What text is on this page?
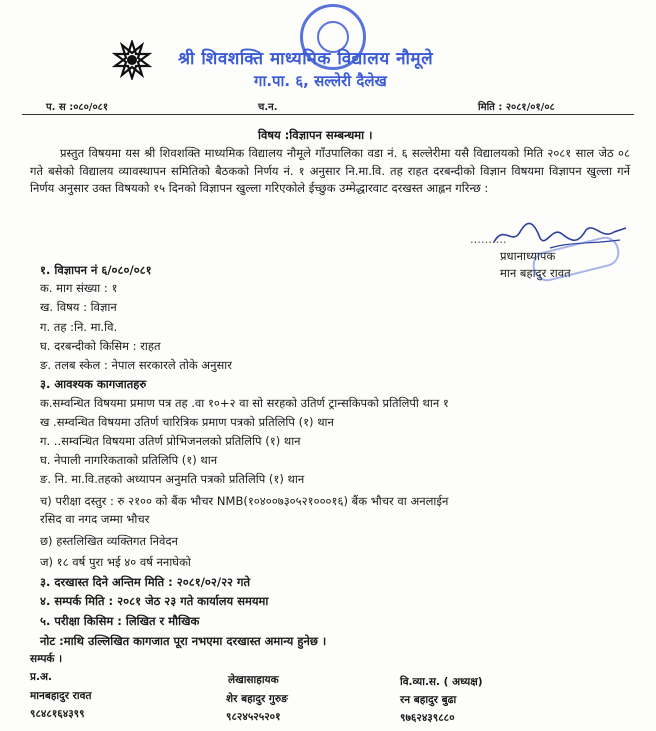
श्री शिवशक्ति माध्यमिक विद्यालय नौमूले
गा.पा. ६, सल्लेरी दैलेख
प. स :०८०/०८१	च.न.	मिति : २०८१/०१/०८
विषय :विज्ञापन सम्बन्धमा ।
प्रस्तुत विषयमा यस श्री शिवशक्ति माध्यमिक विद्यालय नौमूले गाँउपालिका वडा नं. ६ सल्लेरीमा यसै विद्यालयको मिति २०८१ साल जेठ ०८ गते बसेको विद्यालय व्यावस्थापन समितिको बैठकको निर्णय नं. १ अनुसार नि.मा.वि. तह राहत दरबन्दीको विज्ञान विषयमा विज्ञापन खुल्ला गर्ने निर्णय अनुसार उक्त विषयको १५ दिनको विज्ञापन खुल्ला गरिएकोले ईच्छुक उम्मेद्धारवाट दरखस्त आह्लन गरिन्छ :
..........
प्रधानाध्यापक
मान बहादुर रावत
१. विज्ञापन नं ६/०८०/०८१
क. माग संख्या : १
ख. विषय : विज्ञान
ग. तह :नि. मा.वि.
घ. दरबन्दीको किसिम : राहत
ङ. तलब स्केल : नेपाल सरकारले तोके अनुसार
३. आवश्यक कागजातहरु
क.सम्वन्धित विषयमा प्रमाण पत्र तह .वा १०+२ वा सो सरहको उतिर्ण ट्रान्सकिपको प्रतिलिपी थान १
ख .सम्वन्धित विषयमा उतिर्ण चारित्रिक प्रमाण पत्रको प्रतिलिपि (१) थान
ग. ..सम्वन्धित विषयमा उतिर्ण प्रोभिजनलको प्रतिलिपि (१) थान
घ. नेपाली नागरिकताको प्रतिलिपि (१) थान
ङ. नि. मा.वि.तहको अध्यापन अनुमति पत्रको प्रतिलिपि (१) थान
च) परीक्षा दस्तुर : रु २१०० को बैंक भौचर NMB(१०४००७३०५२१०००१६) बैंक भौचर वा अनलाईन
रसिद वा नगद जम्मा भौचर
छ) हस्तलिखित व्यक्तिगत निवेदन
ज) १८ वर्ष पुरा भई ४० वर्ष ननाघेको
३. दरखास्त दिने अन्तिम मिति : २०८१/०२/२२ गते
४. सम्पर्क मिति : २०८१ जेठ २३ गते कार्यालय समयमा
५. परीक्षा किसिम : लिखित र मौखिक
नोट :माथि उल्लिखित कागजात पूरा नभएमा दरखास्त अमान्य हुनेछ ।
सम्पर्क ।
प्र.अ.
मानबहादुर रावत
९८४८१६४३९९
लेखासाहायक
शेर बहादुर गुरुङ
९८२४५२५२०१
वि.व्या.स. ( अध्यक्ष)
रन बहादुर बुढा
९७६२४३९८८०
